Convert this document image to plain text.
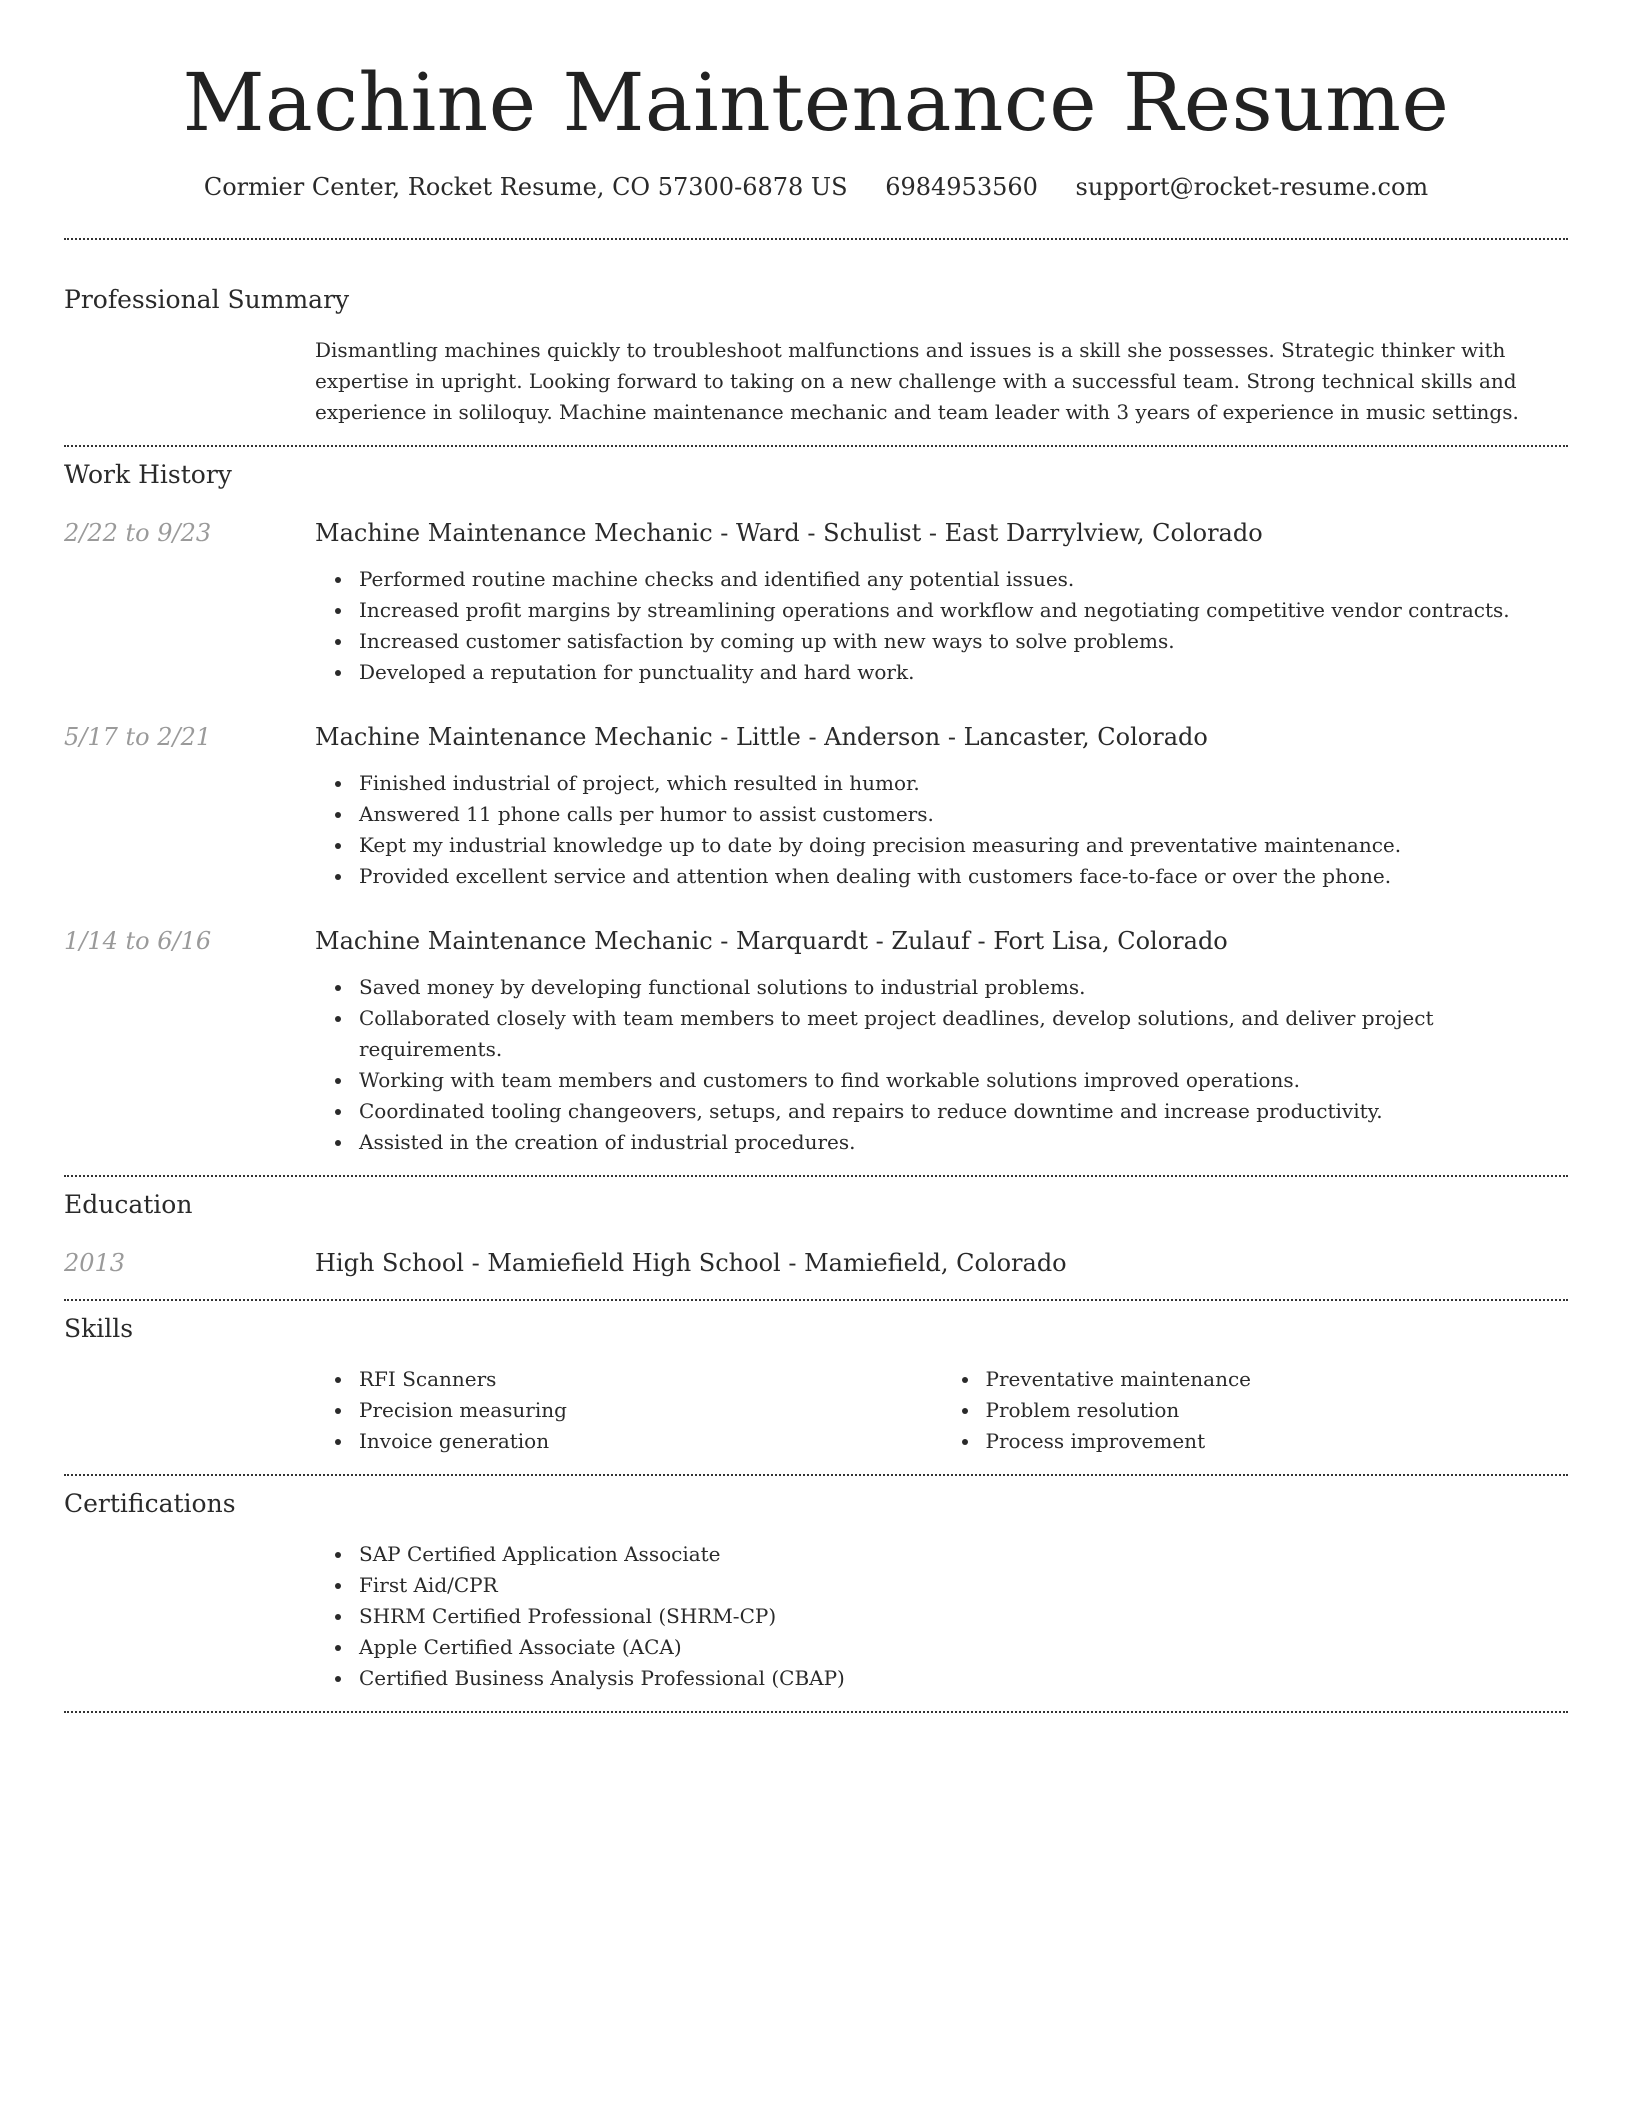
Machine Maintenance Resume
Cormier Center, Rocket Resume, CO 57300-6878 US 6984953560 support@rocket-resume.com
Professional Summary

Dismantling machines quickly to troubleshoot malfunctions and issues is a skill she possesses. Strategic thinker with expertise in upright. Looking forward to taking on a new challenge with a successful team. Strong technical skills and experience in soliloquy. Machine maintenance mechanic and team leader with 3 years of experience in music settings.

Work History
2/22 to 9/23	Machine Maintenance Mechanic - Ward - Schulist - East Darrylview, Colorado
Performed routine machine checks and identified any potential issues.
Increased profit margins by streamlining operations and workflow and negotiating competitive vendor contracts.
Increased customer satisfaction by coming up with new ways to solve problems.
Developed a reputation for punctuality and hard work.
5/17 to 2/21	Machine Maintenance Mechanic - Little - Anderson - Lancaster, Colorado
Finished industrial of project, which resulted in humor.
Answered 11 phone calls per humor to assist customers.
Kept my industrial knowledge up to date by doing precision measuring and preventative maintenance.
Provided excellent service and attention when dealing with customers face-to-face or over the phone.
1/14 to 6/16	Machine Maintenance Mechanic - Marquardt - Zulauf - Fort Lisa, Colorado
Saved money by developing functional solutions to industrial problems.
Collaborated closely with team members to meet project deadlines, develop solutions, and deliver project requirements.
Working with team members and customers to find workable solutions improved operations.
Coordinated tooling changeovers, setups, and repairs to reduce downtime and increase productivity.
Assisted in the creation of industrial procedures.
Education
2013	High School - Mamiefield High School - Mamiefield, Colorado
Skills
RFI Scanners
Precision measuring
Invoice generation
Preventative maintenance
Problem resolution
Process improvement
Certifications
SAP Certified Application Associate
First Aid/CPR
SHRM Certified Professional (SHRM-CP)
Apple Certified Associate (ACA)
Certified Business Analysis Professional (CBAP)
